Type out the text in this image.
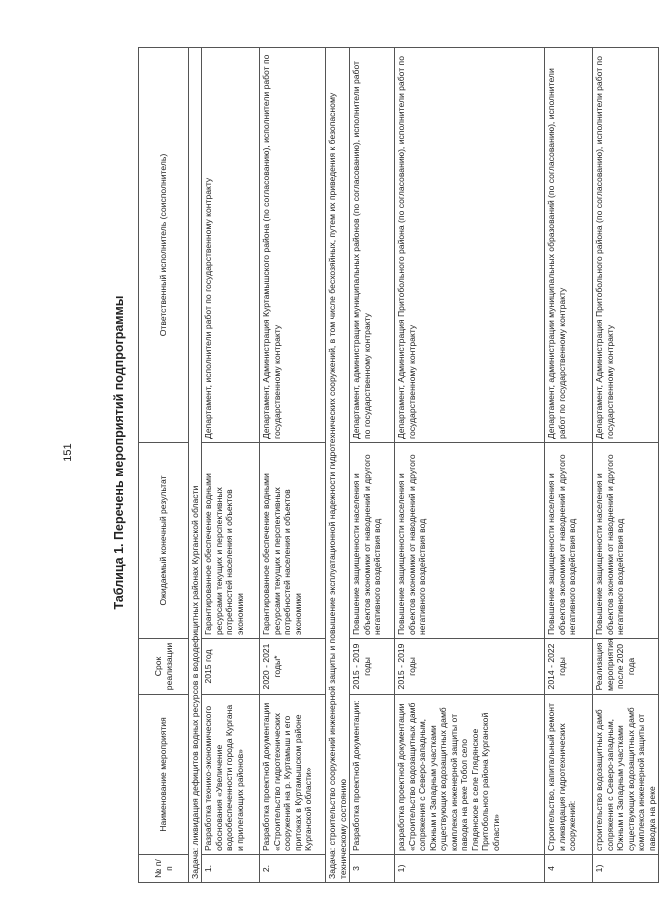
151	Таблица 1. Перечень мероприятий подпрограммы
№ п/п	Наименование мероприятия	Срок реализации	Ожидаемый конечный результат	Ответственный исполнитель (соисполнитель)
Задача: ликвидация дефицитов водных ресурсов в вододефицитных районах Курганской области				
1.	Разработка технико-экономического обоснования «Увеличение водообеспеченности города Кургана и прилегающих районов»	2015 год	Гарантированное обеспечение водными ресурсами текущих и перспективных потребностей населения и объектов экономики	Департамент, исполнители работ по государственному контракту
2.	Разработка проектной документации «Строительство гидротехнических сооружений на р. Куртамыш и его притоках в Куртамышском районе Курганской области»	2020 - 2021 годы*	Гарантированное обеспечение водными ресурсами текущих и перспективных потребностей населения и объектов экономики	Департамент, Администрация Куртамышского района (по согласованию), исполнители работ по государственному контракту
Задача: строительство сооружений инженерной защиты и повышение эксплуатационной надежности гидротехнических сооружений, в том числе бесхозяйных, путем их приведения к безопасному техническому состоянию				
3	Разработка проектной документации:	2015 - 2019 годы	Повышение защищенности населения и объектов экономики от наводнений и другого негативного воздействия вод	Департамент, администрации муниципальных районов (по согласованию), исполнители работ по государственному контракту
1)	разработка проектной документации «Строительство водозащитных дамб сопряжения с Северо-западным, Южным и Западным участками существующих водозащитных дамб комплекса инженерной защиты от паводка на реке Тобол село Глядянское в селе Глядянское Притобольного района Курганской области»	2015 - 2019 годы	Повышение защищенности населения и объектов экономики от наводнений и другого негативного воздействия вод	Департамент, Администрация Притобольного района (по согласованию), исполнители работ по государственному контракту
4	Строительство, капитальный ремонт и ликвидация гидротехнических сооружений:	2014 - 2022 годы	Повышение защищенности населения и объектов экономики от наводнений и другого негативного воздействия вод	Департамент, администрации муниципальных образований (по согласованию), исполнители работ по государственному контракту
1)	строительство водозащитных дамб сопряжения с Северо-западным, Южным и Западным участками существующих водозащитных дамб комплекса инженерной защиты от паводка на реке	Реализация мероприятия после 2020 года	Повышение защищенности населения и объектов экономики от наводнений и другого негативного воздействия вод	Департамент, Администрация Притобольного района (по согласованию), исполнители работ по государственному контракту
